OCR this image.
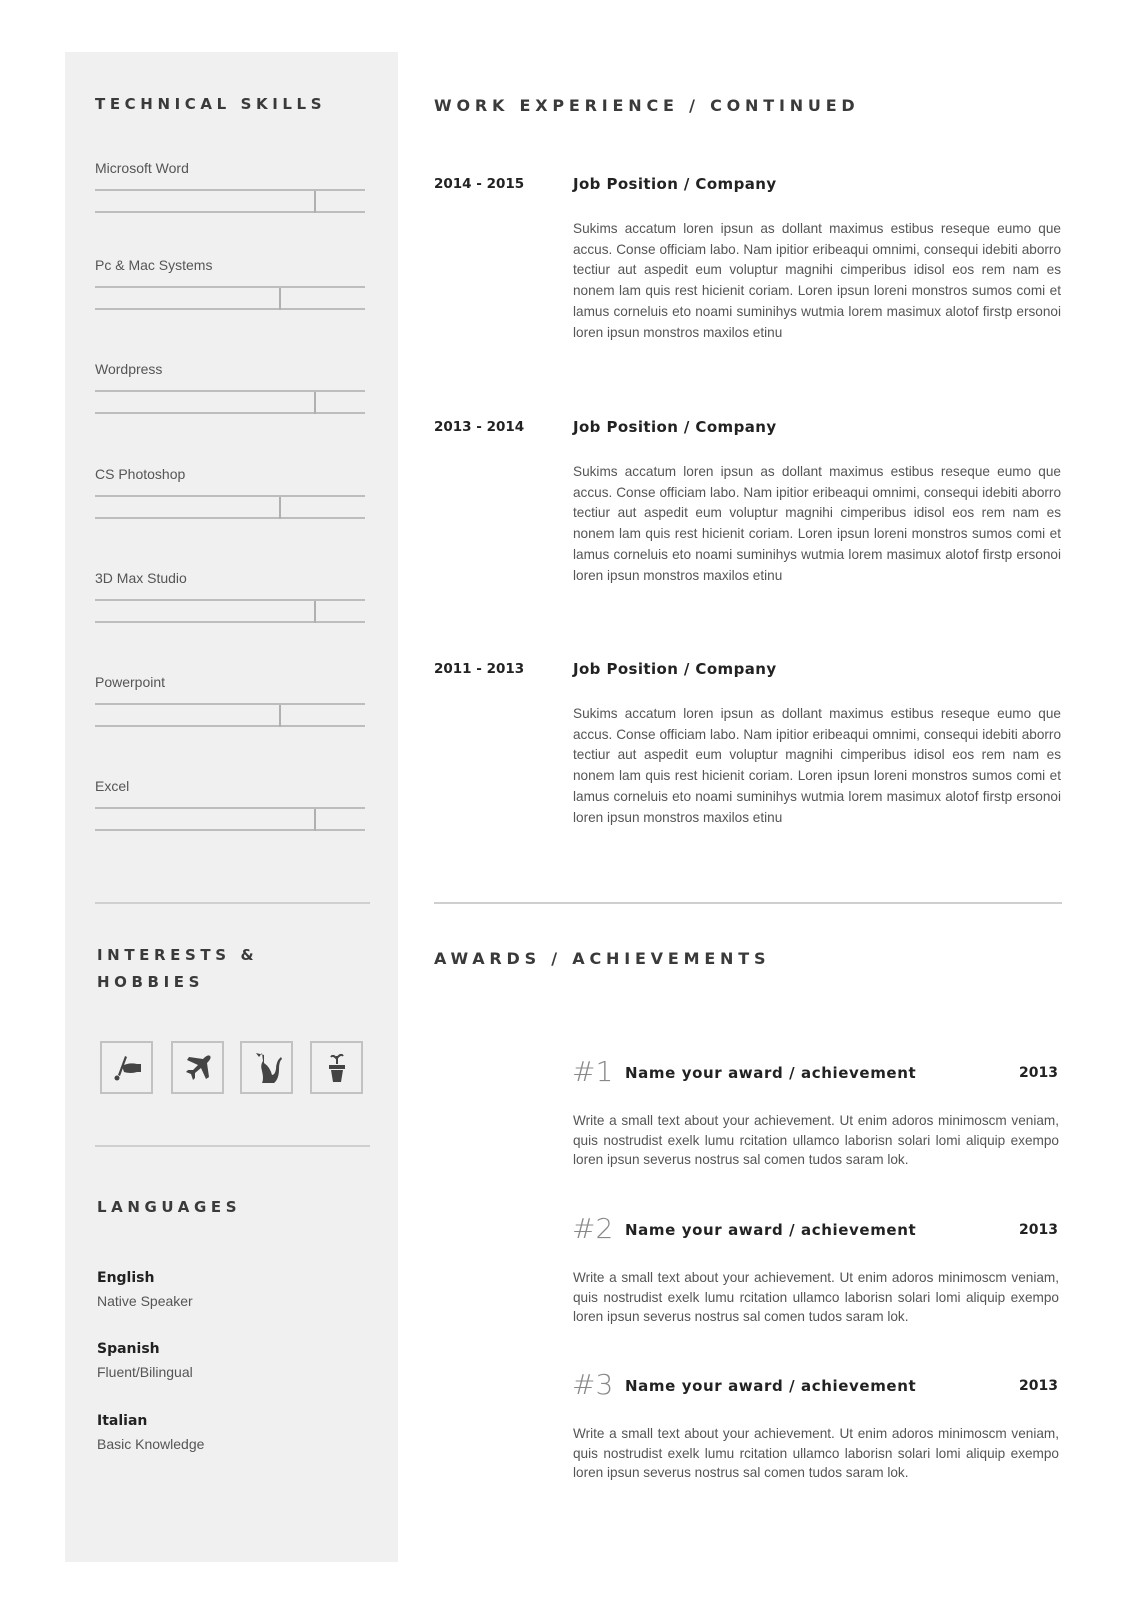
TECHNICAL SKILLS
Microsoft Word
Pc & Mac Systems
Wordpress
CS Photoshop
3D Max Studio
Powerpoint
Excel
INTERESTS &
HOBBIES
LANGUAGES
English
Native Speaker
Spanish
Fluent/Bilingual
Italian
Basic Knowledge
WORK EXPERIENCE / CONTINUED
2014 - 2015	Job Position / Company
Sukims accatum loren ipsun as dollant maximus estibus reseque eumo que accus. Conse officiam labo. Nam ipitior eribeaqui omnimi, consequi idebiti aborro tectiur aut aspedit eum voluptur magnihi cimperibus idisol eos rem nam es nonem lam quis rest hicienit coriam. Loren ipsun loreni monstros sumos comi et lamus corneluis eto noami suminihys wutmia lorem masimux alotof firstp ersonoi loren ipsun monstros maxilos etinu
2013 - 2014	Job Position / Company
Sukims accatum loren ipsun as dollant maximus estibus reseque eumo que accus. Conse officiam labo. Nam ipitior eribeaqui omnimi, consequi idebiti aborro tectiur aut aspedit eum voluptur magnihi cimperibus idisol eos rem nam es nonem lam quis rest hicienit coriam. Loren ipsun loreni monstros sumos comi et lamus corneluis eto noami suminihys wutmia lorem masimux alotof firstp ersonoi loren ipsun monstros maxilos etinu
2011 - 2013	Job Position / Company
Sukims accatum loren ipsun as dollant maximus estibus reseque eumo que accus. Conse officiam labo. Nam ipitior eribeaqui omnimi, consequi idebiti aborro tectiur aut aspedit eum voluptur magnihi cimperibus idisol eos rem nam es nonem lam quis rest hicienit coriam. Loren ipsun loreni monstros sumos comi et lamus corneluis eto noami suminihys wutmia lorem masimux alotof firstp ersonoi loren ipsun monstros maxilos etinu
AWARDS / ACHIEVEMENTS
#1 Name your award / achievement	2013
Write a small text about your achievement. Ut enim adoros minimoscm veniam, quis nostrudist exelk lumu rcitation ullamco laborisn solari lomi aliquip exempo loren ipsun severus nostrus sal comen tudos saram lok.
#2 Name your award / achievement	2013
Write a small text about your achievement. Ut enim adoros minimoscm veniam, quis nostrudist exelk lumu rcitation ullamco laborisn solari lomi aliquip exempo loren ipsun severus nostrus sal comen tudos saram lok.
#3 Name your award / achievement	2013
Write a small text about your achievement. Ut enim adoros minimoscm veniam, quis nostrudist exelk lumu rcitation ullamco laborisn solari lomi aliquip exempo loren ipsun severus nostrus sal comen tudos saram lok.
